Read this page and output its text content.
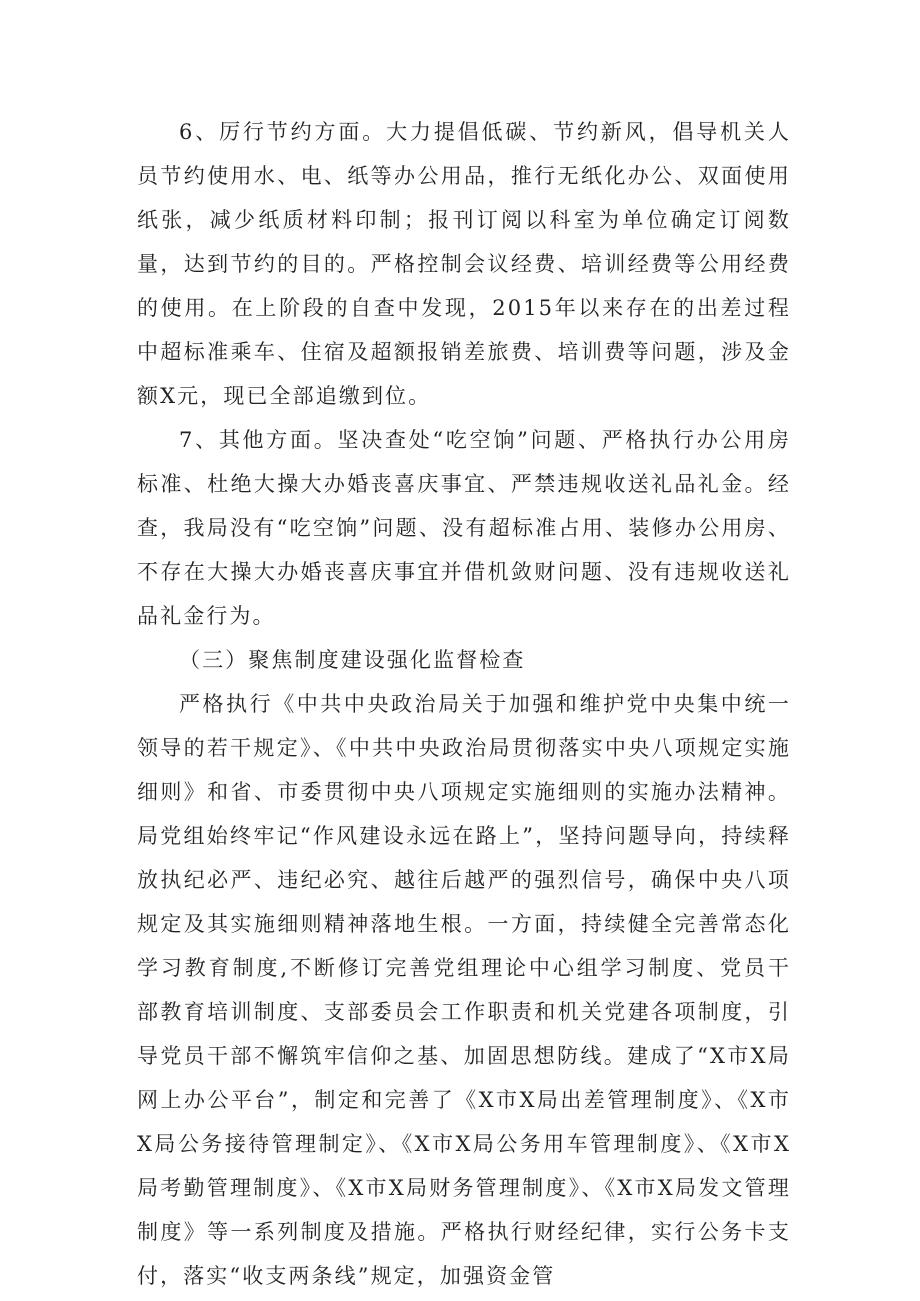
6、厉行节约方面。大力提倡低碳、节约新风，倡导机关人员节约使用水、电、纸等办公用品，推行无纸化办公、双面使用纸张，减少纸质材料印制；报刊订阅以科室为单位确定订阅数量，达到节约的目的。严格控制会议经费、培训经费等公用经费的使用。在上阶段的自查中发现，2015年以来存在的出差过程中超标准乘车、住宿及超额报销差旅费、培训费等问题，涉及金额X元，现已全部追缴到位。

7、其他方面。坚决查处“吃空饷”问题、严格执行办公用房标准、杜绝大操大办婚丧喜庆事宜、严禁违规收送礼品礼金。经查，我局没有“吃空饷”问题、没有超标准占用、装修办公用房、不存在大操大办婚丧喜庆事宜并借机敛财问题、没有违规收送礼品礼金行为。

（三）聚焦制度建设强化监督检查

严格执行《中共中央政治局关于加强和维护党中央集中统一领导的若干规定》、《中共中央政治局贯彻落实中央八项规定实施细则》和省、市委贯彻中央八项规定实施细则的实施办法精神。局党组始终牢记“作风建设永远在路上”，坚持问题导向，持续释放执纪必严、违纪必究、越往后越严的强烈信号，确保中央八项规定及其实施细则精神落地生根。一方面，持续健全完善常态化学习教育制度,不断修订完善党组理论中心组学习制度、党员干部教育培训制度、支部委员会工作职责和机关党建各项制度，引导党员干部不懈筑牢信仰之基、加固思想防线。建成了“X市X局网上办公平台”，制定和完善了《X市X局出差管理制度》、《X市X局公务接待管理制定》、《X市X局公务用车管理制度》、《X市X局考勤管理制度》、《X市X局财务管理制度》、《X市X局发文管理制度》等一系列制度及措施。严格执行财经纪律，实行公务卡支付，落实“收支两条线”规定，加强资金管
